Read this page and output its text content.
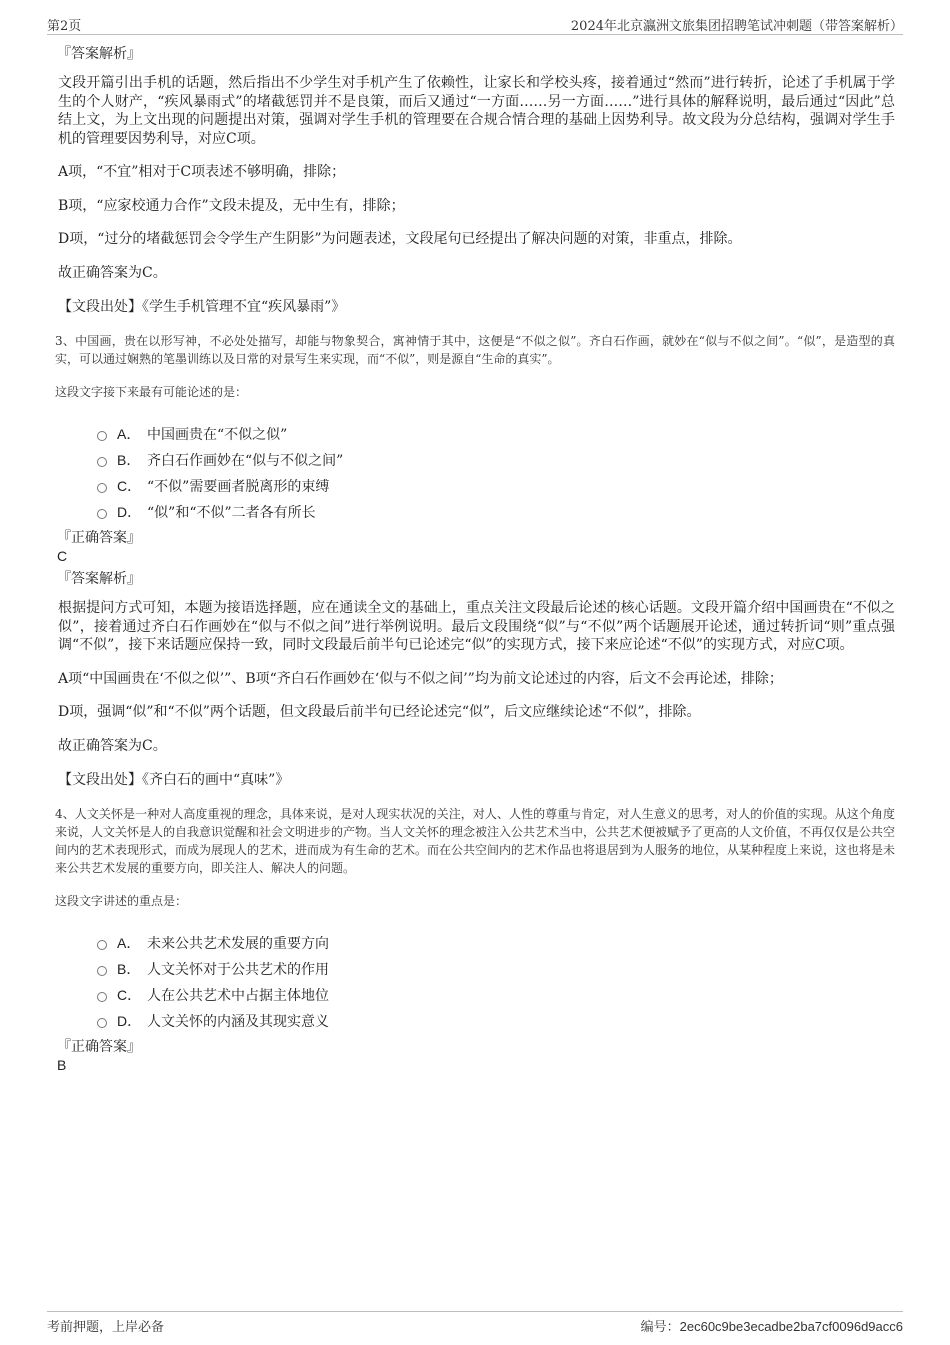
第2页	2024年北京瀛洲文旅集团招聘笔试冲刺题（带答案解析）
『答案解析』

文段开篇引出手机的话题，然后指出不少学生对手机产生了依赖性，让家长和学校头疼，接着通过“然而”进行转折，论述了手机属于学生的个人财产，“疾风暴雨式”的堵截惩罚并不是良策，而后又通过“一方面……另一方面……”进行具体的解释说明，最后通过“因此”总结上文，为上文出现的问题提出对策，强调对学生手机的管理要在合规合情合理的基础上因势利导。故文段为分总结构，强调对学生手机的管理要因势利导，对应C项。

A项，“不宜”相对于C项表述不够明确，排除；

B项，“应家校通力合作”文段未提及，无中生有，排除；

D项，“过分的堵截惩罚会令学生产生阴影”为问题表述，文段尾句已经提出了解决问题的对策，非重点，排除。

故正确答案为C。

【文段出处】《学生手机管理不宜“疾风暴雨”》

3、中国画，贵在以形写神，不必处处描写，却能与物象契合，寓神情于其中，这便是“不似之似”。齐白石作画，就妙在“似与不似之间”。“似”，是造型的真实，可以通过娴熟的笔墨训练以及日常的对景写生来实现，而“不似”，则是源自“生命的真实”。

这段文字接下来最有可能论述的是：

A． 中国画贵在“不似之似”
B． 齐白石作画妙在“似与不似之间”
C． “不似”需要画者脱离形的束缚
D． “似”和“不似”二者各有所长
『正确答案』
C
『答案解析』

根据提问方式可知，本题为接语选择题，应在通读全文的基础上，重点关注文段最后论述的核心话题。文段开篇介绍中国画贵在“不似之似”，接着通过齐白石作画妙在“似与不似之间”进行举例说明。最后文段围绕“似”与“不似”两个话题展开论述，通过转折词“则”重点强调“不似”，接下来话题应保持一致，同时文段最后前半句已论述完“似”的实现方式，接下来应论述“不似”的实现方式，对应C项。

A项“中国画贵在‘不似之似’”、B项“齐白石作画妙在‘似与不似之间’”均为前文论述过的内容，后文不会再论述，排除；

D项，强调“似”和“不似”两个话题，但文段最后前半句已经论述完“似”，后文应继续论述“不似”，排除。

故正确答案为C。

【文段出处】《齐白石的画中“真味”》

4、人文关怀是一种对人高度重视的理念，具体来说，是对人现实状况的关注，对人、人性的尊重与肯定，对人生意义的思考，对人的价值的实现。从这个角度来说，人文关怀是人的自我意识觉醒和社会文明进步的产物。当人文关怀的理念被注入公共艺术当中，公共艺术便被赋予了更高的人文价值，不再仅仅是公共空间内的艺术表现形式，而成为展现人的艺术，进而成为有生命的艺术。而在公共空间内的艺术作品也将退居到为人服务的地位，从某种程度上来说，这也将是未来公共艺术发展的重要方向，即关注人、解决人的问题。

这段文字讲述的重点是：

A． 未来公共艺术发展的重要方向
B． 人文关怀对于公共艺术的作用
C． 人在公共艺术中占据主体地位
D． 人文关怀的内涵及其现实意义
『正确答案』
B
考前押题，上岸必备	编号：2ec60c9be3ecadbe2ba7cf0096d9acc6
